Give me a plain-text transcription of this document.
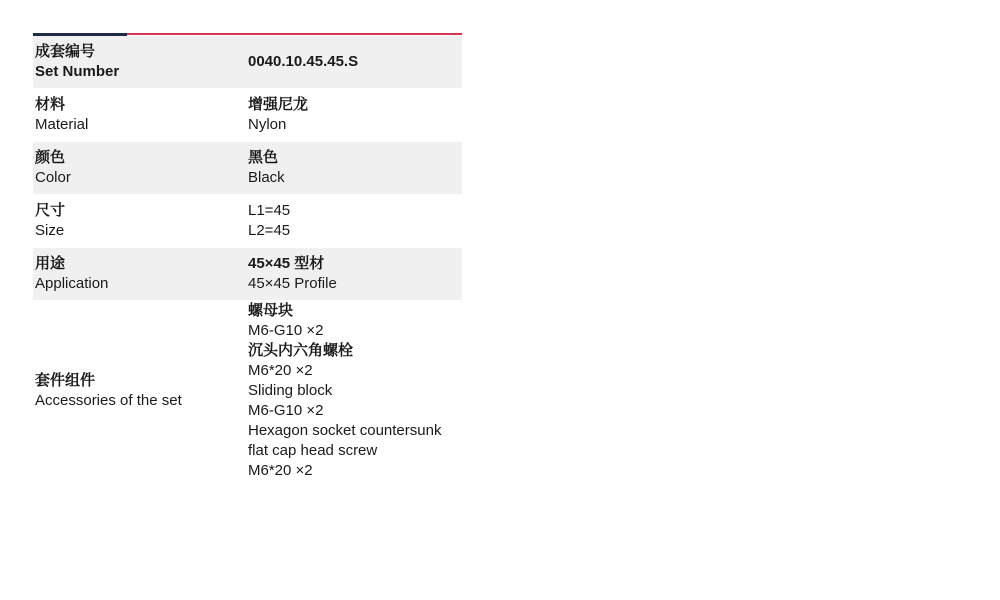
成套编号
Set Number
0040.10.45.45.S
材料
Material
增强尼龙
Nylon
颜色
Color
黑色
Black
尺寸
Size
L1=45
L2=45
用途
Application
45×45 型材
45×45 Profile
套件组件
Accessories of the set
螺母块
M6-G10 ×2
沉头内六角螺栓
M6*20 ×2
Sliding block
M6-G10 ×2
Hexagon socket countersunk
flat cap head screw
M6*20 ×2
